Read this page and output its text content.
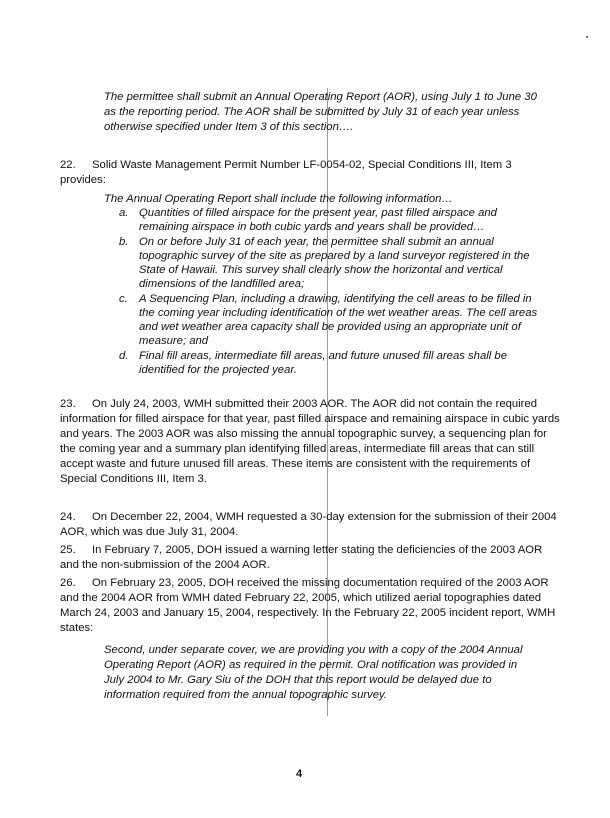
The permittee shall submit an Annual Operating Report (AOR), using July 1 to June 30 as the reporting period. The AOR shall be submitted by July 31 of each year unless otherwise specified under Item 3 of this section….
22. Solid Waste Management Permit Number LF-0054-02, Special Conditions III, Item 3 provides:
The Annual Operating Report shall include the following information…
a. Quantities of filled airspace for the present year, past filled airspace and remaining airspace in both cubic yards and years shall be provided…
b. On or before July 31 of each year, the permittee shall submit an annual topographic survey of the site as prepared by a land surveyor registered in the State of Hawaii. This survey shall clearly show the horizontal and vertical dimensions of the landfilled area;
c. A Sequencing Plan, including a drawing, identifying the cell areas to be filled in the coming year including identification of the wet weather areas. The cell areas and wet weather area capacity shall be provided using an appropriate unit of measure; and
d. Final fill areas, intermediate fill areas, and future unused fill areas shall be identified for the projected year.
23. On July 24, 2003, WMH submitted their 2003 AOR. The AOR did not contain the required information for filled airspace for that year, past filled airspace and remaining airspace in cubic yards and years. The 2003 AOR was also missing the annual topographic survey, a sequencing plan for the coming year and a summary plan identifying filled areas, intermediate fill areas that can still accept waste and future unused fill areas. These items are consistent with the requirements of Special Conditions III, Item 3.
24. On December 22, 2004, WMH requested a 30-day extension for the submission of their 2004 AOR, which was due July 31, 2004.
25. In February 7, 2005, DOH issued a warning letter stating the deficiencies of the 2003 AOR and the non-submission of the 2004 AOR.
26. On February 23, 2005, DOH received the missing documentation required of the 2003 AOR and the 2004 AOR from WMH dated February 22, 2005, which utilized aerial topographies dated March 24, 2003 and January 15, 2004, respectively. In the February 22, 2005 incident report, WMH states:
Second, under separate cover, we are providing you with a copy of the 2004 Annual Operating Report (AOR) as required in the permit. Oral notification was provided in July 2004 to Mr. Gary Siu of the DOH that this report would be delayed due to information required from the annual topographic survey.
4
